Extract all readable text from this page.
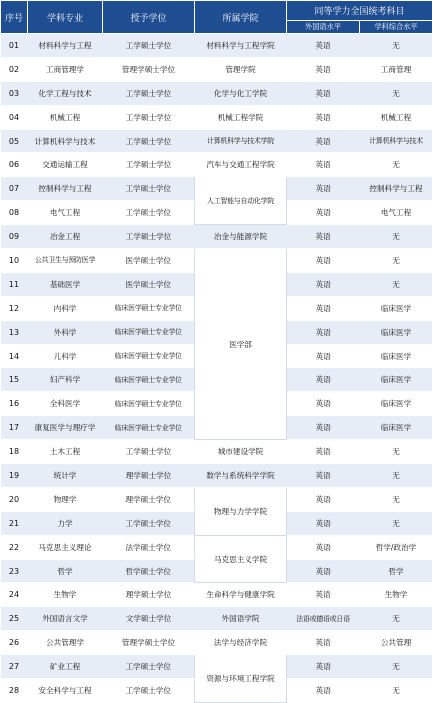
序号	学科专业	授予学位	所属学院	同等学力全国统考科目	
				外国语水平	学科综合水平
01	材料科学与工程	工学硕士学位	材料科学与工程学院	英语	无
02	工商管理学	管理学硕士学位	管理学院	英语	工商管理
03	化学工程与技术	工学硕士学位	化学与化工学院	英语	无
04	机械工程	工学硕士学位	机械工程学院	英语	机械工程
05	计算机科学与技术	工学硕士学位	计算机科学与技术学院	英语	计算机科学与技术
06	交通运输工程	工学硕士学位	汽车与交通工程学院	英语	无
07	控制科学与工程	工学硕士学位	人工智能与自动化学院	英语	控制科学与工程
08	电气工程	工学硕士学位		英语	电气工程
09	冶金工程	工学硕士学位	冶金与能源学院	英语	无
10	公共卫生与预防医学	医学硕士学位	医学部	英语	无
11	基础医学	医学硕士学位		英语	无
12	内科学	临床医学硕士专业学位		英语	临床医学
13	外科学	临床医学硕士专业学位		英语	临床医学
14	儿科学	临床医学硕士专业学位		英语	临床医学
15	妇产科学	临床医学硕士专业学位		英语	临床医学
16	全科医学	临床医学硕士专业学位		英语	临床医学
17	康复医学与理疗学	临床医学硕士专业学位		英语	临床医学
18	土木工程	工学硕士学位	城市建设学院	英语	无
19	统计学	理学硕士学位	数学与系统科学学院	英语	无
20	物理学	理学硕士学位	物理与力学学院	英语	无
21	力学	工学硕士学位		英语	无
22	马克思主义理论	法学硕士学位	马克思主义学院	英语	哲学/政治学
23	哲学	哲学硕士学位		英语	哲学
24	生物学	理学硕士学位	生命科学与健康学院	英语	生物学
25	外国语言文学	文学硕士学位	外国语学院	法语或德语或日语	无
26	公共管理学	管理学硕士学位	法学与经济学院	英语	公共管理
27	矿业工程	工学硕士学位	资源与环境工程学院	英语	无
28	安全科学与工程	工学硕士学位		英语	无
